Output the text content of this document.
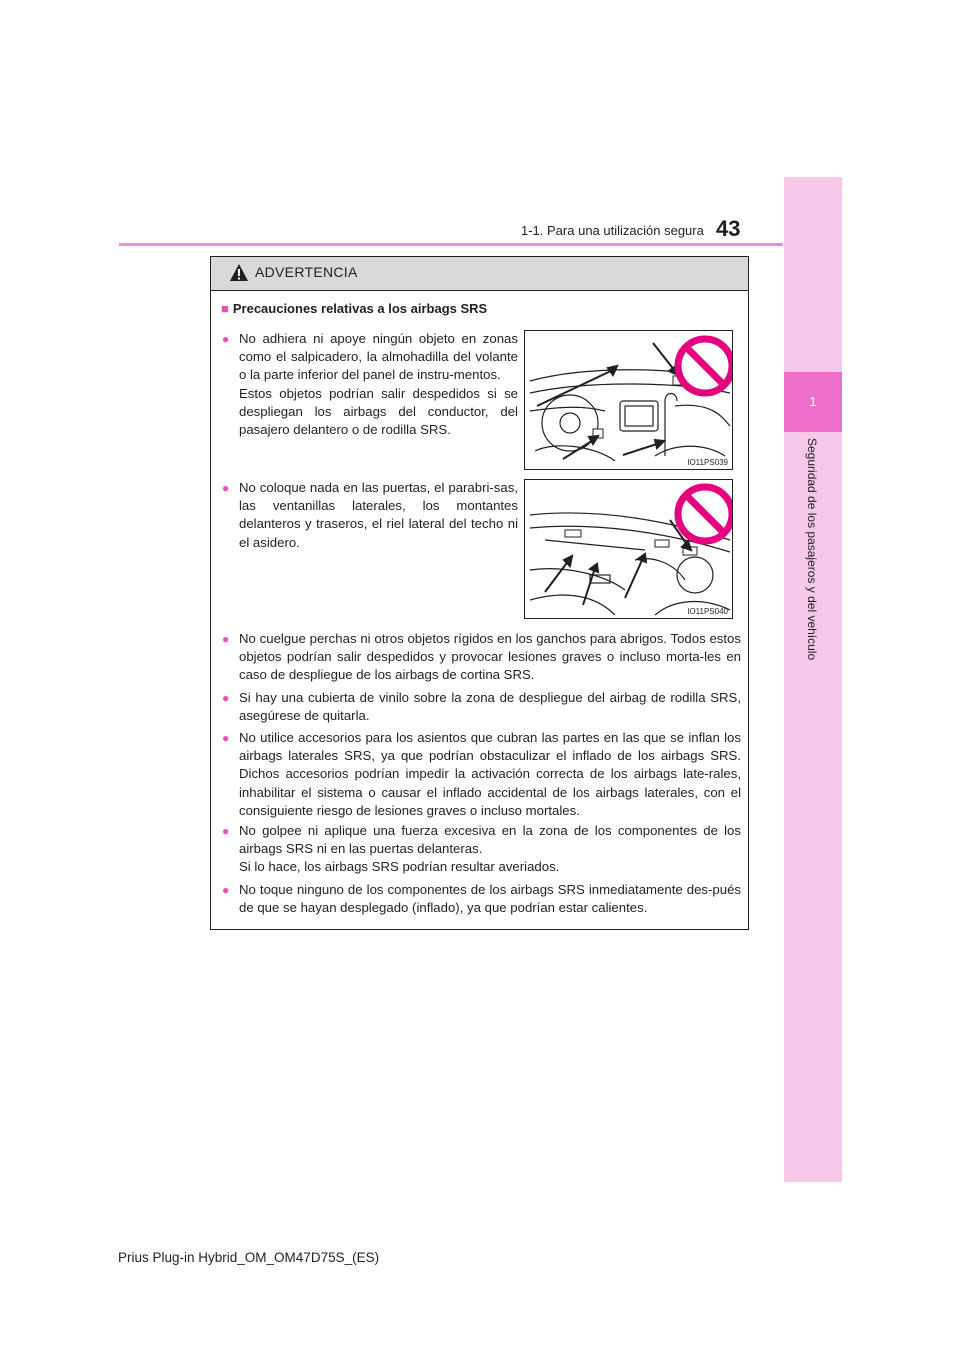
1
Seguridad de los pasajeros y del vehículo
1-1. Para una utilización segura 43
ADVERTENCIA
■ Precauciones relativas a los airbags SRS
● No adhiera ni apoye ningún objeto en zonas como el salpicadero, la almohadilla del volante o la parte inferior del panel de instru-mentos.
Estos objetos podrían salir despedidos si se despliegan los airbags del conductor, del pasajero delantero o de rodilla SRS.
● No coloque nada en las puertas, el parabri-sas, las ventanillas laterales, los montantes delanteros y traseros, el riel lateral del techo ni el asidero.
IO11PS039
IO11PS040
● No cuelgue perchas ni otros objetos rígidos en los ganchos para abrigos. Todos estos objetos podrían salir despedidos y provocar lesiones graves o incluso morta-les en caso de despliegue de los airbags de cortina SRS.
● Si hay una cubierta de vinilo sobre la zona de despliegue del airbag de rodilla SRS, asegúrese de quitarla.
● No utilice accesorios para los asientos que cubran las partes en las que se inflan los airbags laterales SRS, ya que podrían obstaculizar el inflado de los airbags SRS. Dichos accesorios podrían impedir la activación correcta de los airbags late-rales, inhabilitar el sistema o causar el inflado accidental de los airbags laterales, con el consiguiente riesgo de lesiones graves o incluso mortales.
● No golpee ni aplique una fuerza excesiva en la zona de los componentes de los airbags SRS ni en las puertas delanteras.
Si lo hace, los airbags SRS podrían resultar averiados.
● No toque ninguno de los componentes de los airbags SRS inmediatamente des-pués de que se hayan desplegado (inflado), ya que podrían estar calientes.
Prius Plug-in Hybrid_OM_OM47D75S_(ES)
